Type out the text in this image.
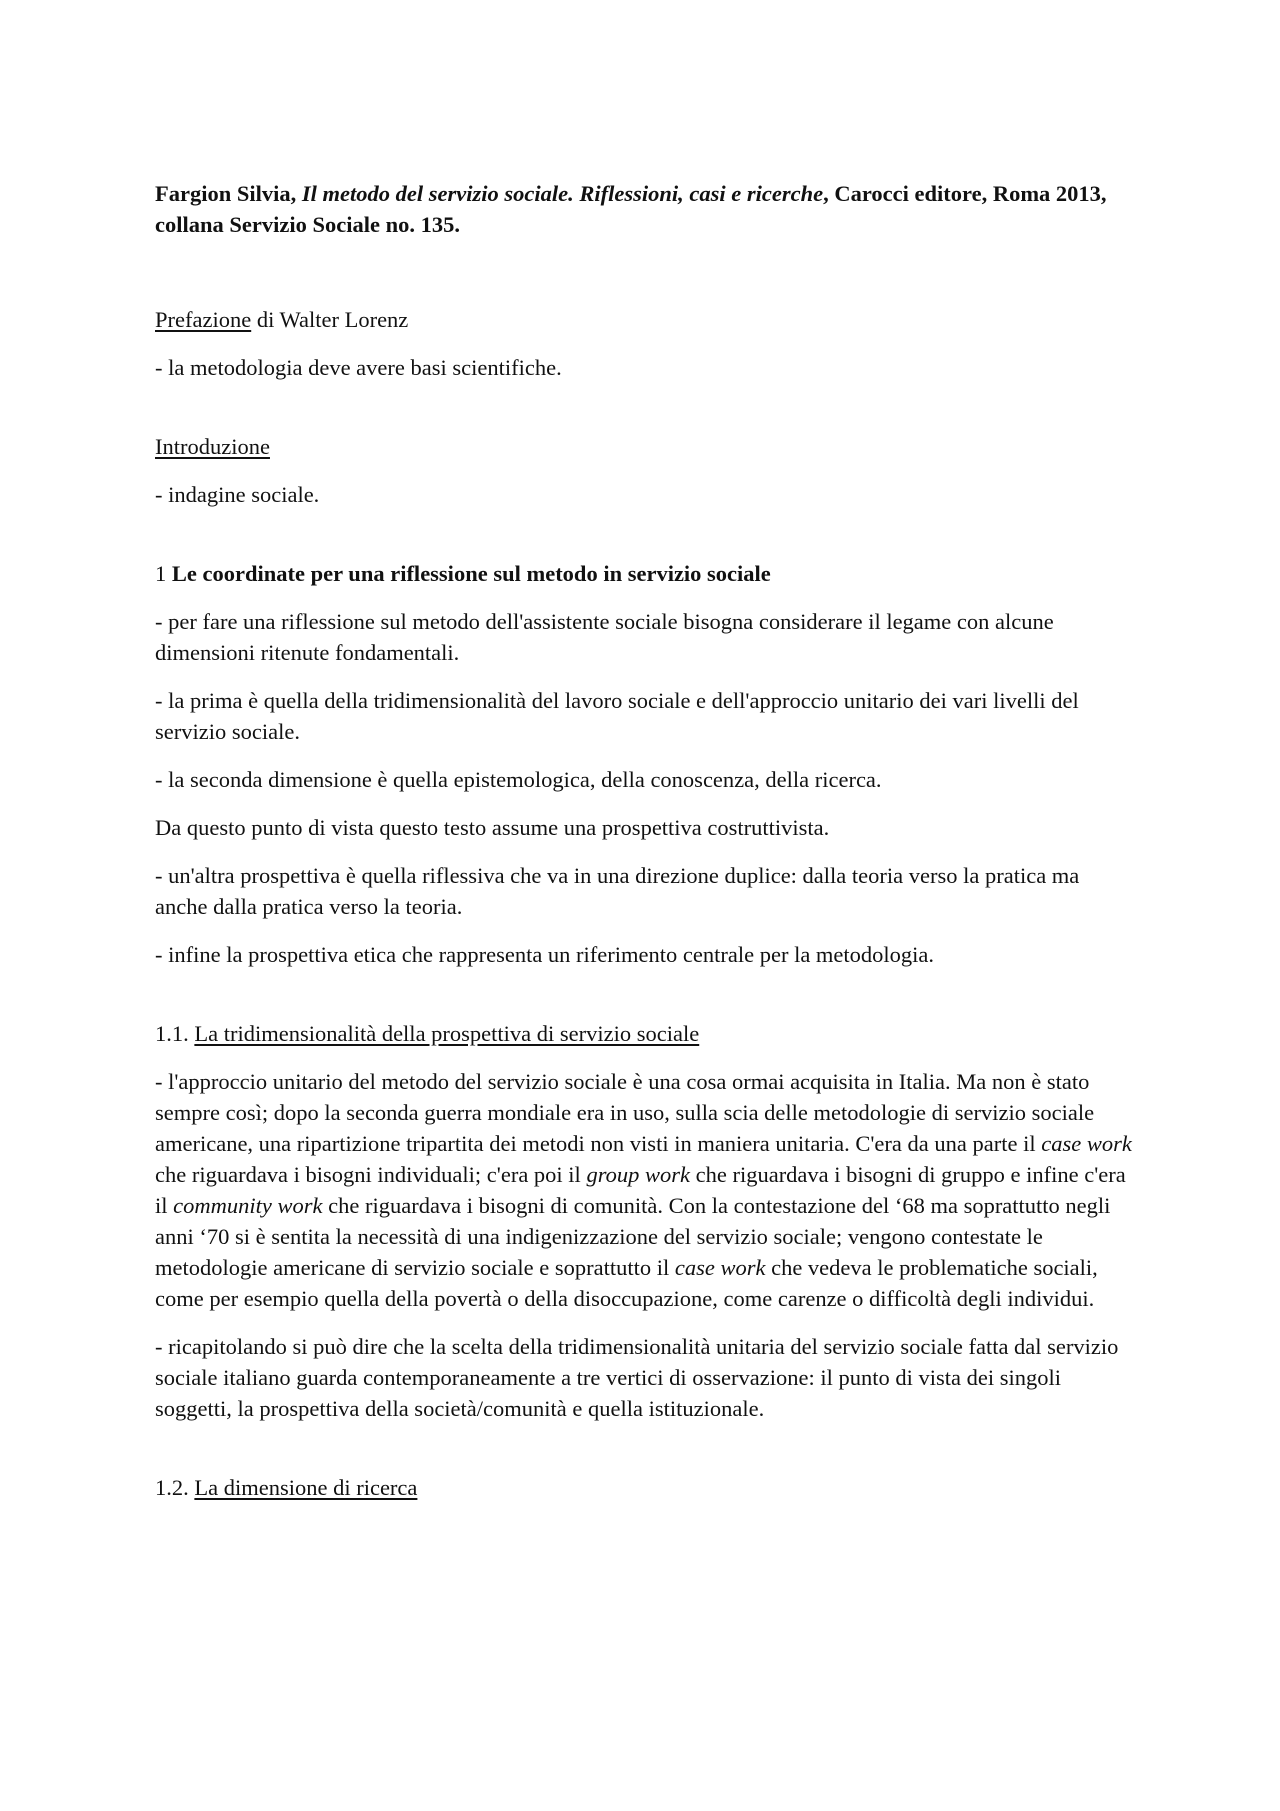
Fargion Silvia, Il metodo del servizio sociale. Riflessioni, casi e ricerche, Carocci editore, Roma 2013, collana Servizio Sociale no. 135.

Prefazione di Walter Lorenz

- la metodologia deve avere basi scientifiche.

Introduzione

- indagine sociale.

1 Le coordinate per una riflessione sul metodo in servizio sociale

- per fare una riflessione sul metodo dell'assistente sociale bisogna considerare il legame con alcune dimensioni ritenute fondamentali.

- la prima è quella della tridimensionalità del lavoro sociale e dell'approccio unitario dei vari livelli del servizio sociale.

- la seconda dimensione è quella epistemologica, della conoscenza, della ricerca.

Da questo punto di vista questo testo assume una prospettiva costruttivista.

- un'altra prospettiva è quella riflessiva che va in una direzione duplice: dalla teoria verso la pratica ma anche dalla pratica verso la teoria.

- infine la prospettiva etica che rappresenta un riferimento centrale per la metodologia.

1.1. La tridimensionalità della prospettiva di servizio sociale

- l'approccio unitario del metodo del servizio sociale è una cosa ormai acquisita in Italia. Ma non è stato sempre così; dopo la seconda guerra mondiale era in uso, sulla scia delle metodologie di servizio sociale americane, una ripartizione tripartita dei metodi non visti in maniera unitaria. C'era da una parte il case work che riguardava i bisogni individuali; c'era poi il group work che riguardava i bisogni di gruppo e infine c'era il community work che riguardava i bisogni di comunità. Con la contestazione del ‘68 ma soprattutto negli anni ‘70 si è sentita la necessità di una indigenizzazione del servizio sociale; vengono contestate le metodologie americane di servizio sociale e soprattutto il case work che vedeva le problematiche sociali, come per esempio quella della povertà o della disoccupazione, come carenze o difficoltà degli individui.

- ricapitolando si può dire che la scelta della tridimensionalità unitaria del servizio sociale fatta dal servizio sociale italiano guarda contemporaneamente a tre vertici di osservazione: il punto di vista dei singoli soggetti, la prospettiva della società/comunità e quella istituzionale.

1.2. La dimensione di ricerca
